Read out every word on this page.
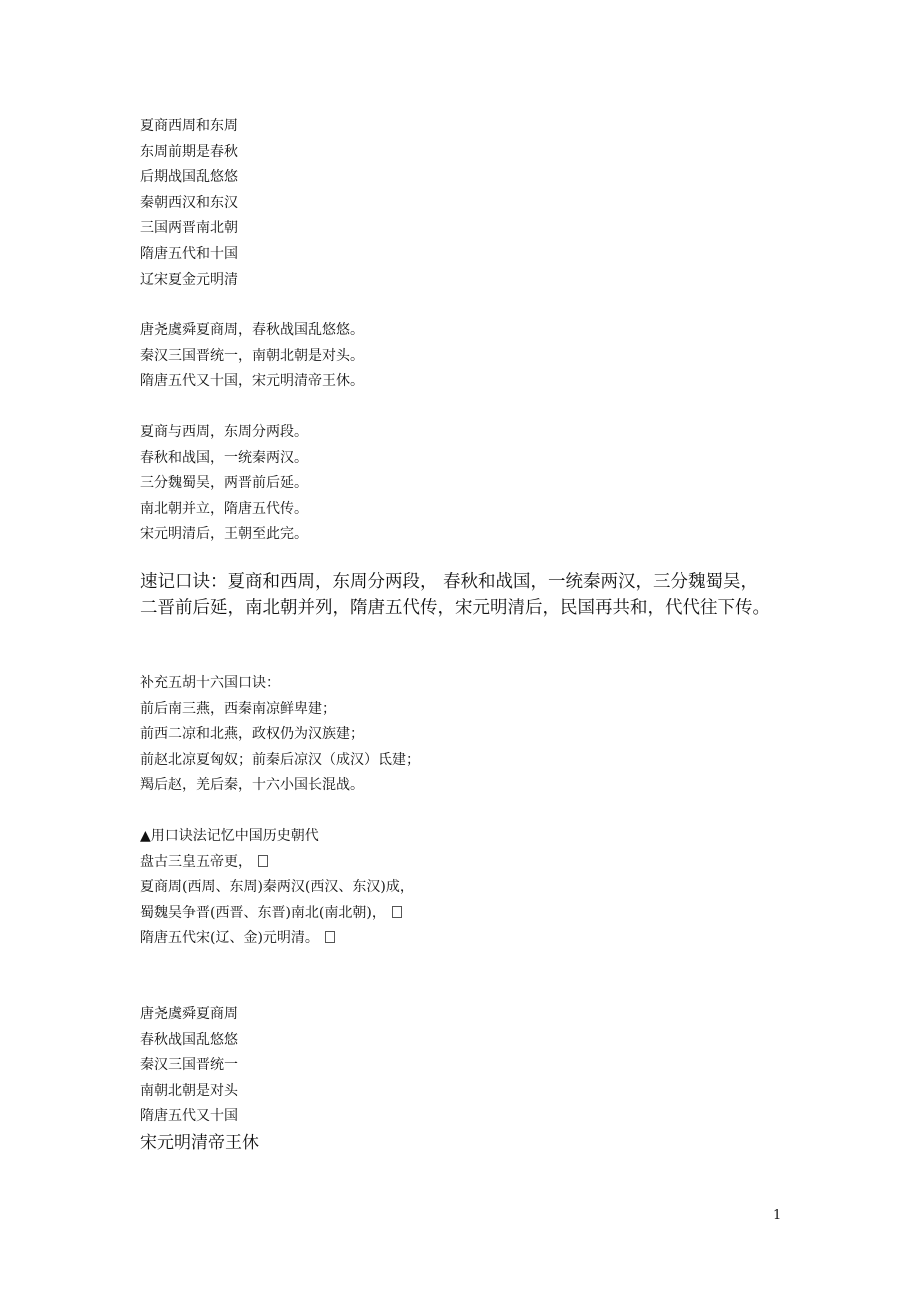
夏商西周和东周
东周前期是春秋
后期战国乱悠悠
秦朝西汉和东汉
三国两晋南北朝
隋唐五代和十国
辽宋夏金元明清
唐尧虞舜夏商周，春秋战国乱悠悠。
秦汉三国晋统一，南朝北朝是对头。
隋唐五代又十国，宋元明清帝王休。
夏商与西周，东周分两段。
春秋和战国，一统秦两汉。
三分魏蜀吴，两晋前后延。
南北朝并立，隋唐五代传。
宋元明清后，王朝至此完。
速记口诀：夏商和西周，东周分两段， 春秋和战国，一统秦两汉，三分魏蜀吴，
二晋前后延，南北朝并列，隋唐五代传，宋元明清后，民国再共和，代代往下传。
补充五胡十六国口诀：
前后南三燕，西秦南凉鲜卑建；
前西二凉和北燕，政权仍为汉族建；
前赵北凉夏匈奴；前秦后凉汉（成汉）氐建；
羯后赵，羌后秦，十六小国长混战。
▲用口诀法记忆中国历史朝代
盘古三皇五帝更，
夏商周(西周、东周)秦两汉(西汉、东汉)成，
蜀魏吴争晋(西晋、东晋)南北(南北朝)，
隋唐五代宋(辽、金)元明清。
唐尧虞舜夏商周
春秋战国乱悠悠
秦汉三国晋统一
南朝北朝是对头
隋唐五代又十国
宋元明清帝王休
1
